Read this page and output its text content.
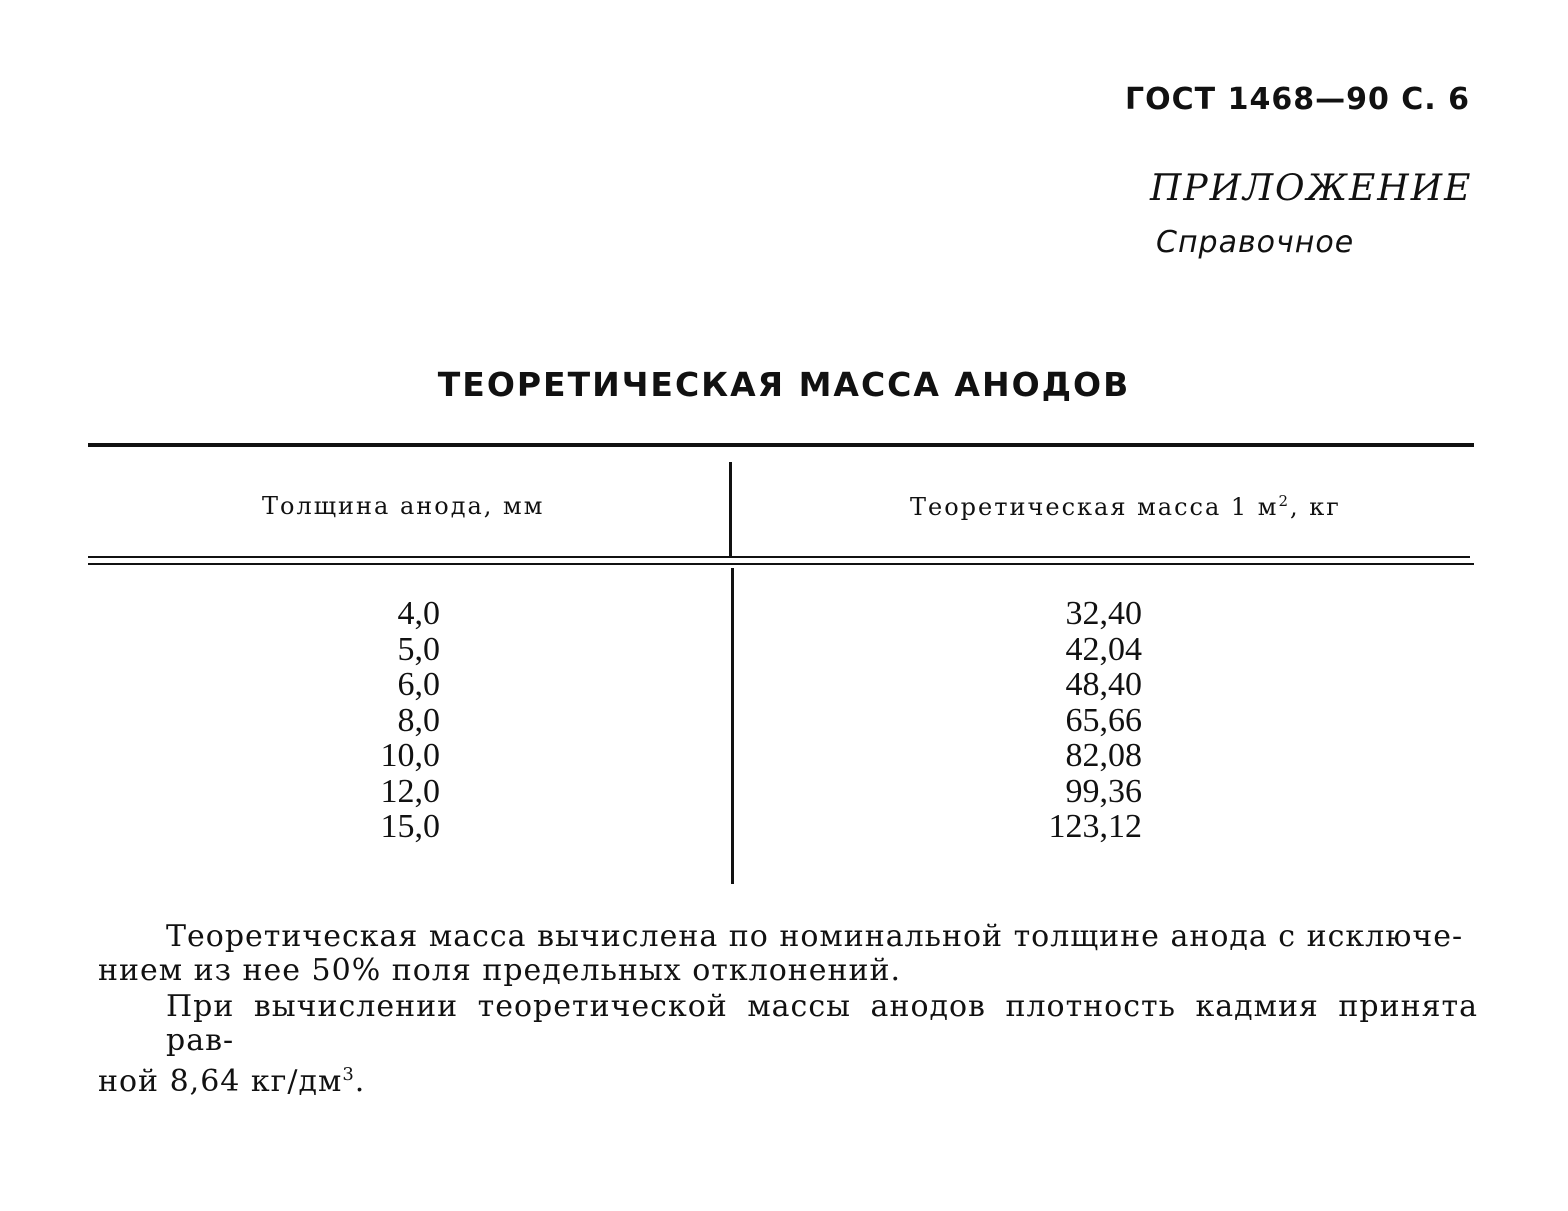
ГОСТ 1468—90 С. 6
ПРИЛОЖЕНИЕ
Справочное
ТЕОРЕТИЧЕСКАЯ МАССА АНОДОВ
Толщина анода, мм	Теоретическая масса 1 $м^2$, кг
4,0
5,0
6,0
8,0
10,0
12,0
15,0
32,40
42,04
48,40
65,66
82,08
99,36
123,12
Теоретическая масса вычислена по номинальной толщине анода с исключе-
нием из нее 50% поля предельных отклонений.
При вычислении теоретической массы анодов плотность кадмия принята рав-
ной 8,64 $кг/дм^3$.
